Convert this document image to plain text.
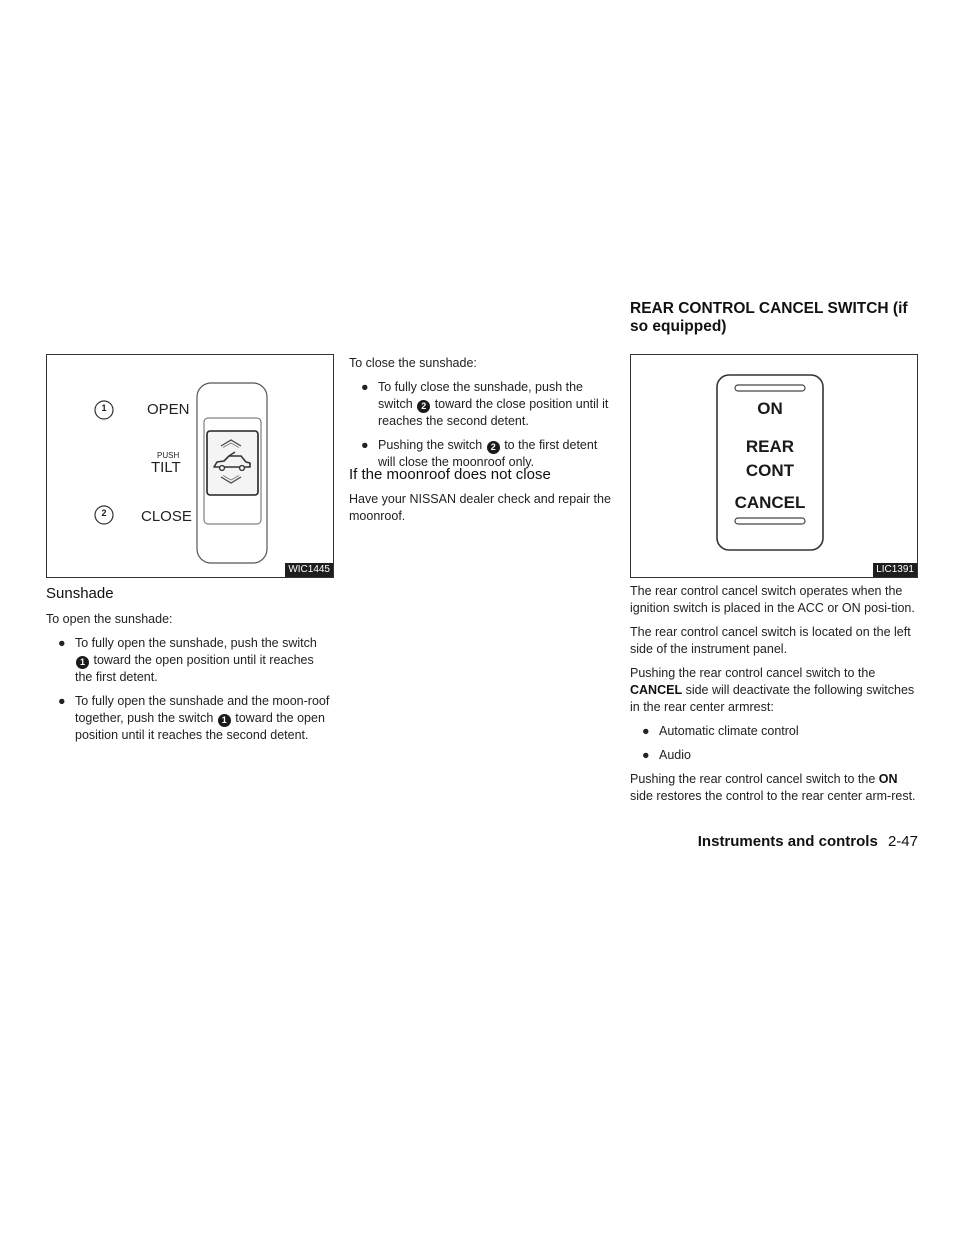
1
2
OPEN
PUSH
TILT
CLOSE
WIC1445
Sunshade
To open the sunshade:
● To fully open the sunshade, push the switch 1 toward the open position until it reaches the first detent.
● To fully open the sunshade and the moon-roof together, push the switch 1 toward the open position until it reaches the second detent.
To close the sunshade:
● To fully close the sunshade, push the switch 2 toward the close position until it reaches the second detent.
● Pushing the switch 2 to the first detent will close the moonroof only.
If the moonroof does not close
Have your NISSAN dealer check and repair the moonroof.
REAR CONTROL CANCEL SWITCH (if so equipped)
ON
REAR
CONT
CANCEL
LIC1391
The rear control cancel switch operates when the ignition switch is placed in the ACC or ON posi-tion.
The rear control cancel switch is located on the left side of the instrument panel.
Pushing the rear control cancel switch to the CANCEL side will deactivate the following switches in the rear center armrest:
● Automatic climate control
● Audio
Pushing the rear control cancel switch to the ON side restores the control to the rear center arm-rest.
Instruments and controls 2-47
